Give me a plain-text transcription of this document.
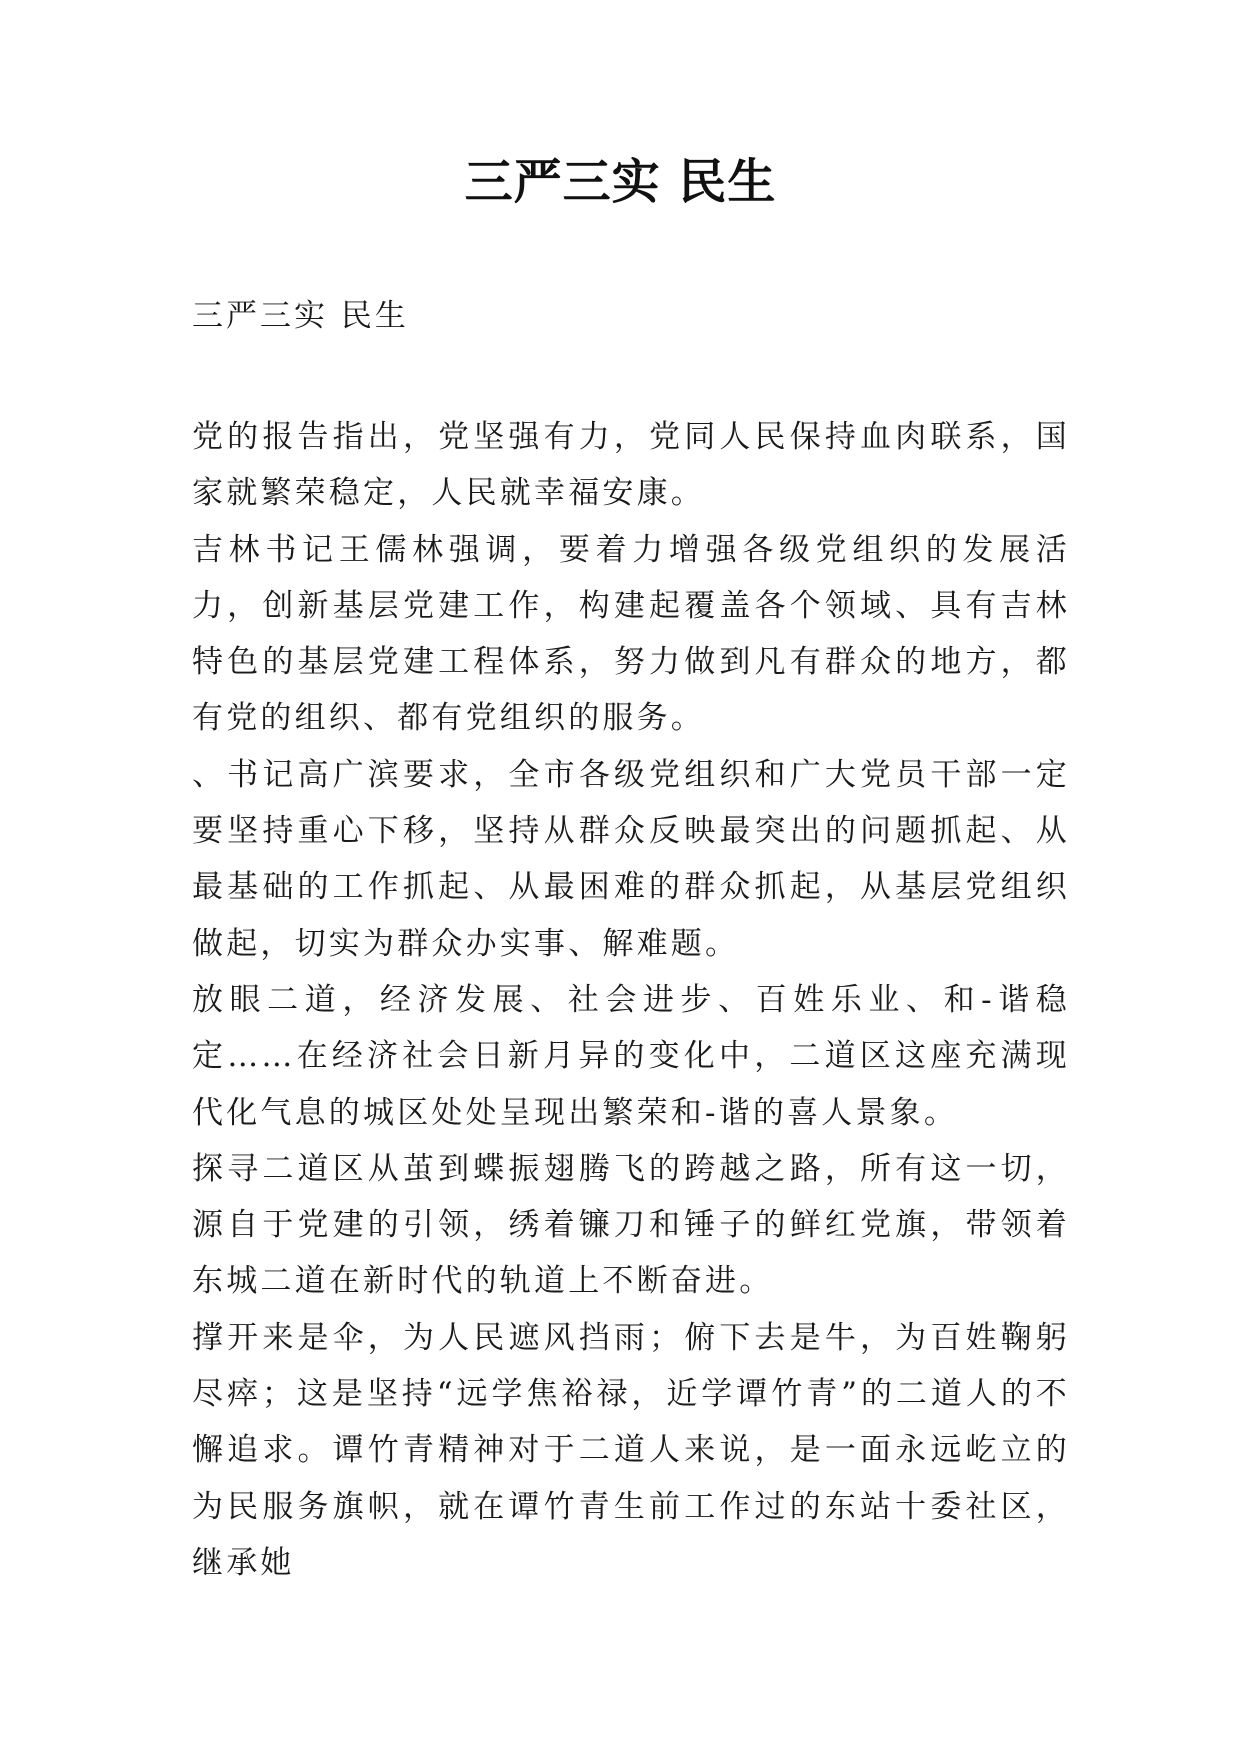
三严三实 民生

三严三实 民生

党的报告指出，党坚强有力，党同人民保持血肉联系，国家就繁荣稳定，人民就幸福安康。

吉林书记王儒林强调，要着力增强各级党组织的发展活力，创新基层党建工作，构建起覆盖各个领域、具有吉林特色的基层党建工程体系，努力做到凡有群众的地方，都有党的组织、都有党组织的服务。

、书记高广滨要求，全市各级党组织和广大党员干部一定要坚持重心下移，坚持从群众反映最突出的问题抓起、从最基础的工作抓起、从最困难的群众抓起，从基层党组织做起，切实为群众办实事、解难题。

放眼二道，经济发展、社会进步、百姓乐业、和-谐稳定……在经济社会日新月异的变化中，二道区这座充满现代化气息的城区处处呈现出繁荣和-谐的喜人景象。

探寻二道区从茧到蝶振翅腾飞的跨越之路，所有这一切，源自于党建的引领，绣着镰刀和锤子的鲜红党旗，带领着东城二道在新时代的轨道上不断奋进。

撑开来是伞，为人民遮风挡雨；俯下去是牛，为百姓鞠躬尽瘁；这是坚持“远学焦裕禄，近学谭竹青”的二道人的不懈追求。谭竹青精神对于二道人来说，是一面永远屹立的为民服务旗帜，就在谭竹青生前工作过的东站十委社区，继承她
